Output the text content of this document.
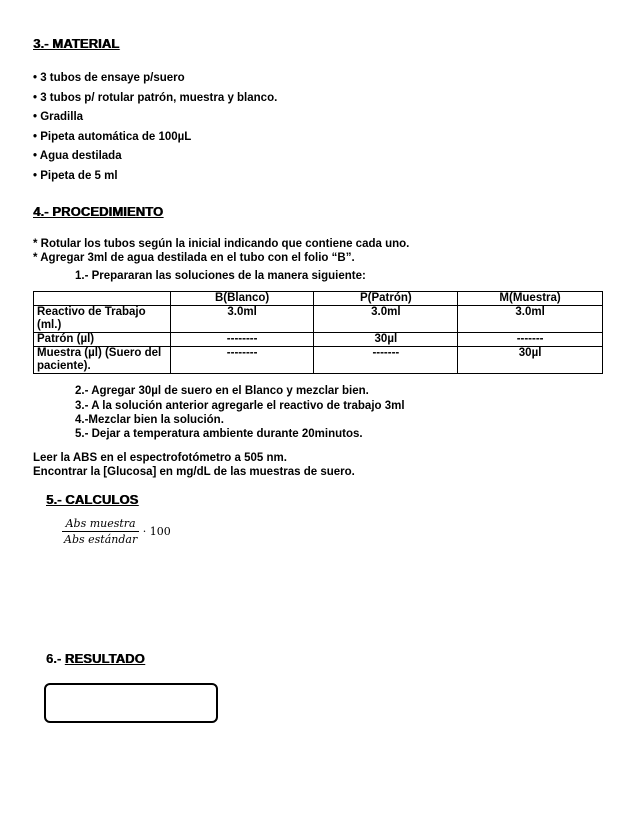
3.- MATERIAL
• 3 tubos de ensaye p/suero
• 3 tubos p/ rotular patrón, muestra y blanco.
• Gradilla
• Pipeta automática de 100µL
• Agua destilada
• Pipeta de 5 ml
4.- PROCEDIMIENTO
* Rotular los tubos según la inicial indicando que contiene cada uno.
* Agregar 3ml de agua destilada en el tubo con el folio “B”.
1.- Prepararan las soluciones de la manera siguiente:
	B(Blanco)	P(Patrón)	M(Muestra)
Reactivo de Trabajo (ml.)	3.0ml	3.0ml	3.0ml
Patrón (µl)	--------	30µl	-------
Muestra (µl) (Suero del paciente).	--------	-------	30µl
2.- Agregar 30µl de suero en el Blanco y mezclar bien.
3.- A la solución anterior agregarle el reactivo de trabajo 3ml
4.-Mezclar bien la solución.
5.- Dejar a temperatura ambiente durante 20minutos.
Leer la ABS en el espectrofotómetro a 505 nm.
Encontrar la [Glucosa] en mg/dL de las muestras de suero.
5.- CALCULOS
$\frac{\text{Abs muestra}}{\text{Abs estándar}} \cdot 100$
6.- RESULTADO
